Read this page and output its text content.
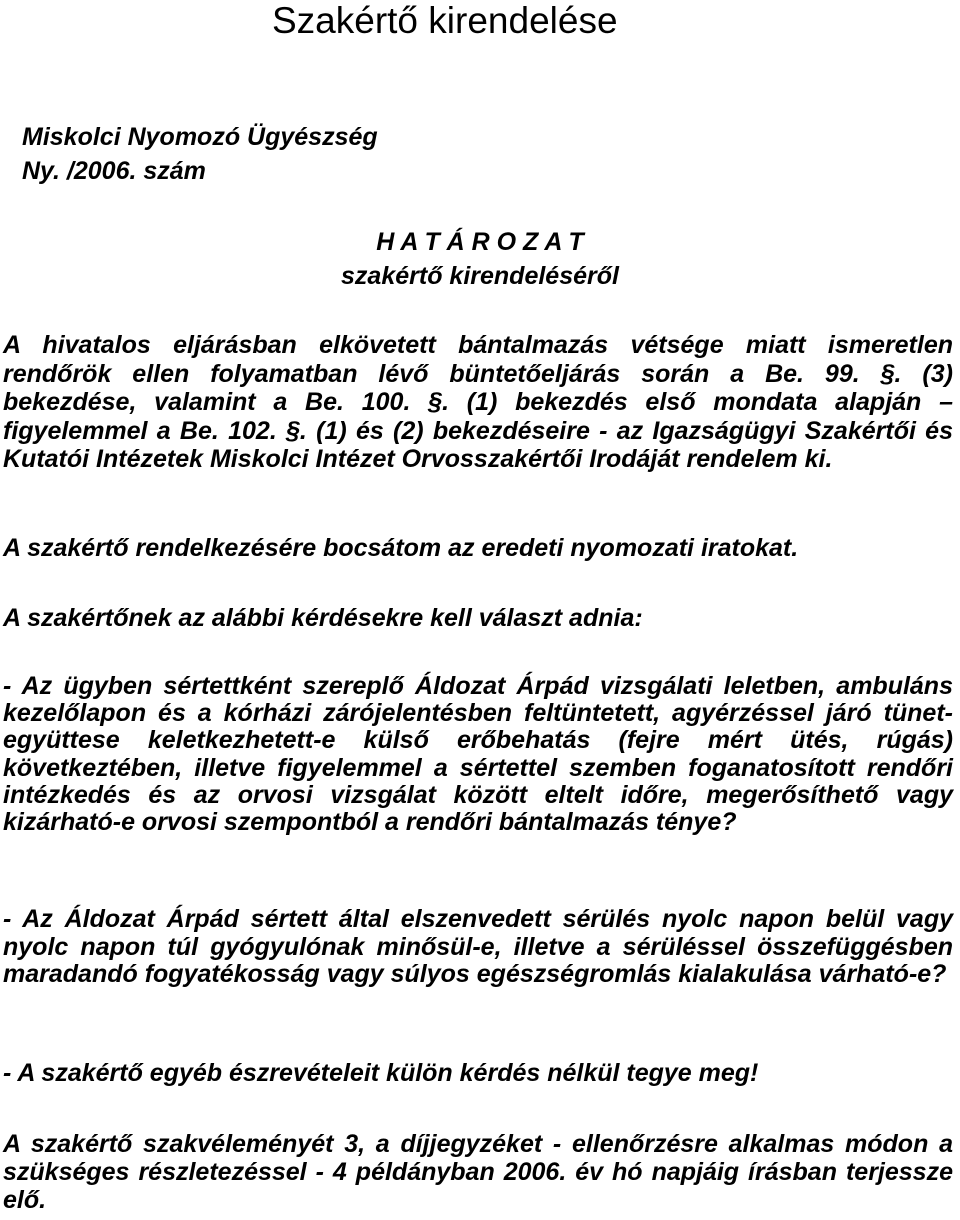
Szakértő kirendelése
Miskolci Nyomozó Ügyészség
Ny. /2006. szám
H A T Á R O Z A T
szakértő kirendeléséről
A hivatalos eljárásban elkövetett bántalmazás vétsége miatt ismeretlen rendőrök ellen folyamatban lévő büntetőeljárás során a Be. 99. §. (3) bekezdése, valamint a Be. 100. §. (1) bekezdés első mondata alapján – figyelemmel a Be. 102. §. (1) és (2) bekezdéseire - az Igazságügyi Szakértői és Kutatói Intézetek Miskolci Intézet Orvosszakértői Irodáját rendelem ki.
A szakértő rendelkezésére bocsátom az eredeti nyomozati iratokat.
A szakértőnek az alábbi kérdésekre kell választ adnia:
- Az ügyben sértettként szereplő Áldozat Árpád vizsgálati leletben, ambuláns kezelőlapon és a kórházi zárójelentésben feltüntetett, agyérzéssel járó tünet-együttese keletkezhetett-e külső erőbehatás (fejre mért ütés, rúgás) következtében, illetve figyelemmel a sértettel szemben foganatosított rendőri intézkedés és az orvosi vizsgálat között eltelt időre, megerősíthető vagy kizárható-e orvosi szempontból a rendőri bántalmazás ténye?
- Az Áldozat Árpád sértett által elszenvedett sérülés nyolc napon belül vagy nyolc napon túl gyógyulónak minősül-e, illetve a sérüléssel összefüggésben maradandó fogyatékosság vagy súlyos egészségromlás kialakulása várható-e?
- A szakértő egyéb észrevételeit külön kérdés nélkül tegye meg!
A szakértő szakvéleményét 3, a díjjegyzéket - ellenőrzésre alkalmas módon a szükséges részletezéssel - 4 példányban 2006. év hó napjáig írásban terjessze elő.
